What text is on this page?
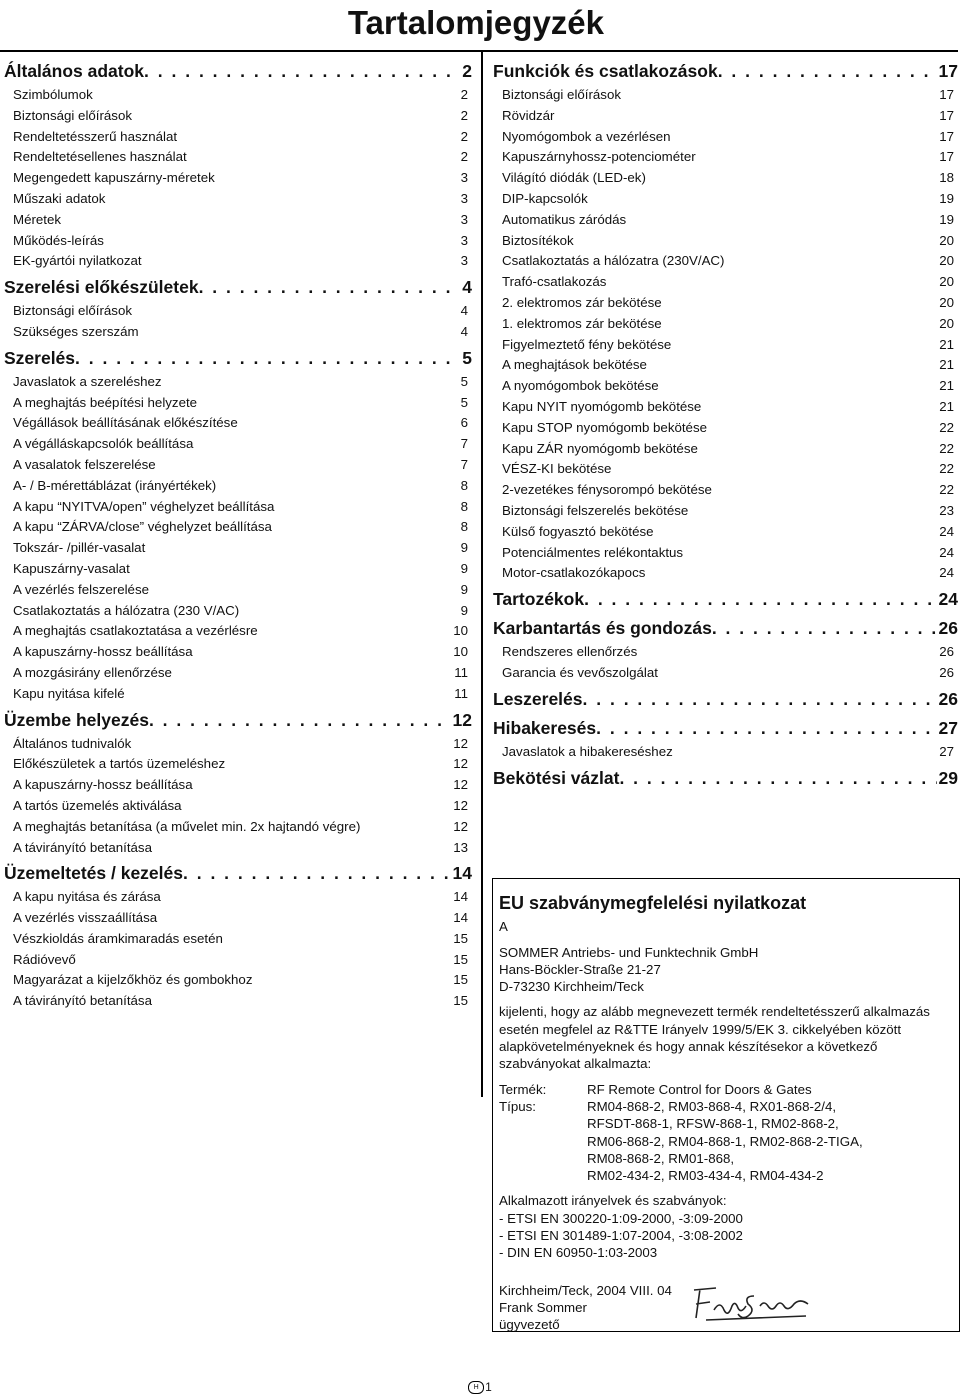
Tartalomjegyzék
Általános adatok . . .	2
Szimbólumok	2
Biztonsági előírások	2
Rendeltetésszerű használat	2
Rendeltetésellenes használat	2
Megengedett kapuszárny-méretek	3
Műszaki adatok	3
Méretek	3
Működés-leírás	3
EK-gyártói nyilatkozat	3
Szerelési előkészületek . . .	4
Biztonsági előírások	4
Szükséges szerszám	4
Szerelés . . .	5
Javaslatok a szereléshez	5
A meghajtás beépítési helyzete	5
Végállások beállításának előkészítése	6
A végálláskapcsolók beállítása	7
A vasalatok felszerelése	7
A- / B-mérettáblázat (irányértékek)	8
A kapu “NYITVA/open” véghelyzet beállítása	8
A kapu “ZÁRVA/close” véghelyzet beállítása	8
Tokszár- /pillér-vasalat	9
Kapuszárny-vasalat	9
A vezérlés felszerelése	9
Csatlakoztatás a hálózatra (230 V/AC)	9
A meghajtás csatlakoztatása a vezérlésre	10
A kapuszárny-hossz beállítása	10
A mozgásirány ellenőrzése	11
Kapu nyitása kifelé	11
Üzembe helyezés . . .	12
Általános tudnivalók	12
Előkészületek a tartós üzemeléshez	12
A kapuszárny-hossz beállítása	12
A tartós üzemelés aktiválása	12
A meghajtás betanítása (a művelet min. 2x hajtandó végre)	12
A távirányító betanítása	13
Üzemeltetés / kezelés . . .	14
A kapu nyitása és zárása	14
A vezérlés visszaállítása	14
Vészkioldás áramkimaradás esetén	15
Rádióvevő	15
Magyarázat a kijelzőkhöz és gombokhoz	15
A távirányító betanítása	15
Funkciók és csatlakozások . . .	17
Biztonsági előírások	17
Rövidzár	17
Nyomógombok a vezérlésen	17
Kapuszárnyhossz-potenciométer	17
Világító diódák (LED-ek)	18
DIP-kapcsolók	19
Automatikus záródás	19
Biztosítékok	20
Csatlakoztatás a hálózatra (230V/AC)	20
Trafó-csatlakozás	20
2. elektromos zár bekötése	20
1. elektromos zár bekötése	20
Figyelmeztető fény bekötése	21
A meghajtások bekötése	21
A nyomógombok bekötése	21
Kapu NYIT nyomógomb bekötése	21
Kapu STOP nyomógomb bekötése	22
Kapu ZÁR nyomógomb bekötése	22
VÉSZ-KI bekötése	22
2-vezetékes fénysorompó bekötése	22
Biztonsági felszerelés bekötése	23
Külső fogyasztó bekötése	24
Potenciálmentes relékontaktus	24
Motor-csatlakozókapocs	24
Tartozékok . . .	24
Karbantartás és gondozás . . .	26
Rendszeres ellenőrzés	26
Garancia és vevőszolgálat	26
Leszerelés . . .	26
Hibakeresés . . .	27
Javaslatok a hibakereséshez	27
Bekötési vázlat . . .	29
EU szabványmegfelelési nyilatkozat

A

SOMMER Antriebs- und Funktechnik GmbH

Hans-Böckler-Straße 21-27

D-73230 Kirchheim/Teck

kijelenti, hogy az alább megnevezett termék rendeltetésszerű alkalmazás esetén megfelel az R&TTE Irányelv 1999/5/EK 3. cikkelyében között alapkövetelményeknek és hogy annak készítésekor a következő szabványokat alkalmazta:

Termék:	RF Remote Control for Doors & Gates
Típus:	RM04-868-2, RM03-868-4, RX01-868-2/4,
RFSDT-868-1, RFSW-868-1, RM02-868-2,
RM06-868-2, RM04-868-1, RM02-868-2-TIGA,
RM08-868-2, RM01-868,
RM02-434-2, RM03-434-4, RM04-434-2

Alkalmazott irányelvek és szabványok:

- ETSI EN 300220-1:09-2000, -3:09-2000
- ETSI EN 301489-1:07-2004, -3:08-2002
- DIN EN 60950-1:03-2003

Kirchheim/Teck, 2004 VIII. 04

Frank Sommer

ügyvezető

H 1
